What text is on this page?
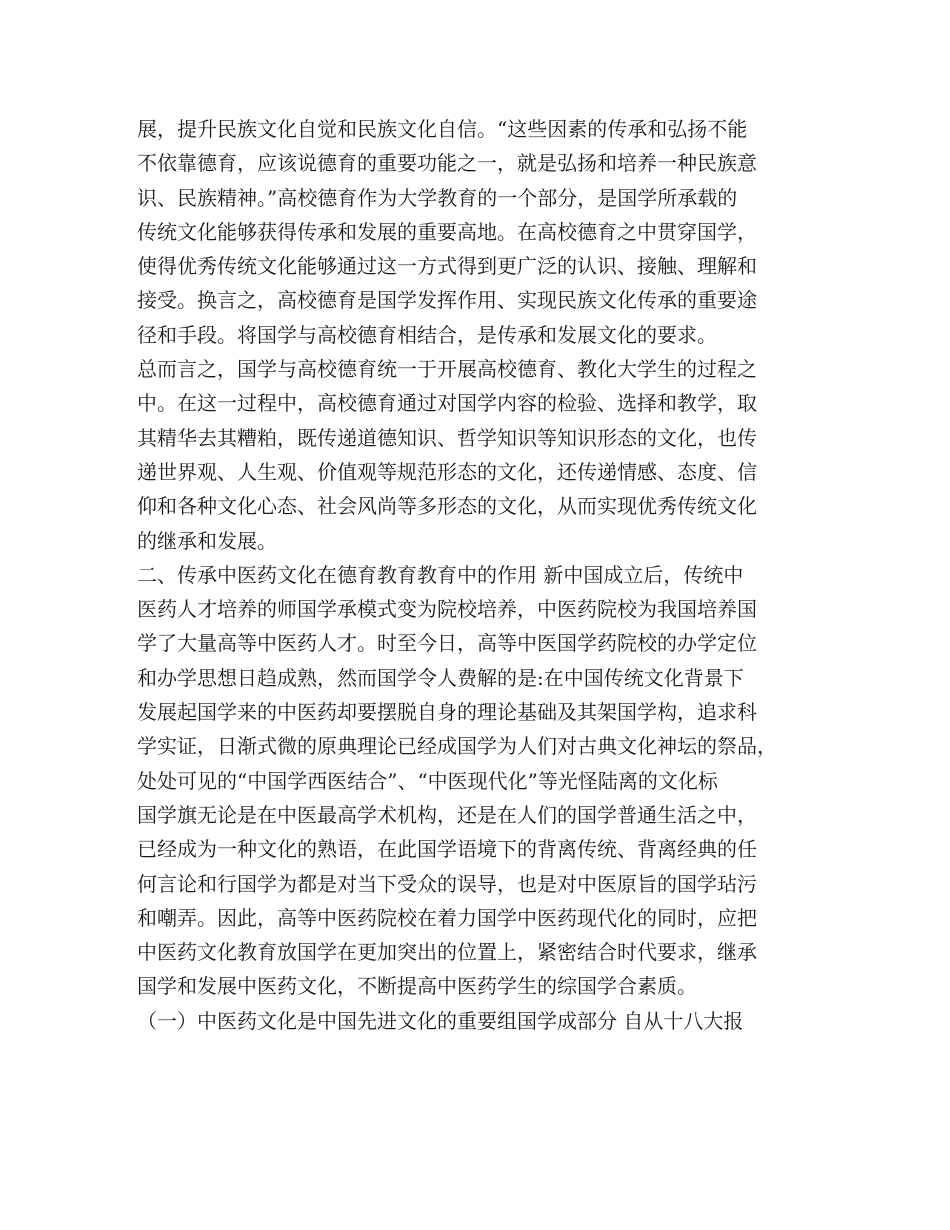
展，提升民族文化自觉和民族文化自信。“这些因素的传承和弘扬不能
不依靠德育，应该说德育的重要功能之一，就是弘扬和培养一种民族意
识、民族精神。”高校德育作为大学教育的一个部分，是国学所承载的
传统文化能够获得传承和发展的重要高地。在高校德育之中贯穿国学，
使得优秀传统文化能够通过这一方式得到更广泛的认识、接触、理解和
接受。换言之，高校德育是国学发挥作用、实现民族文化传承的重要途
径和手段。将国学与高校德育相结合，是传承和发展文化的要求。
总而言之，国学与高校德育统一于开展高校德育、教化大学生的过程之
中。在这一过程中，高校德育通过对国学内容的检验、选择和教学，取
其精华去其糟粕，既传递道德知识、哲学知识等知识形态的文化，也传
递世界观、人生观、价值观等规范形态的文化，还传递情感、态度、信
仰和各种文化心态、社会风尚等多形态的文化，从而实现优秀传统文化
的继承和发展。
二、传承中医药文化在德育教育教育中的作用 新中国成立后，传统中
医药人才培养的师国学承模式变为院校培养，中医药院校为我国培养国
学了大量高等中医药人才。时至今日，高等中医国学药院校的办学定位
和办学思想日趋成熟，然而国学令人费解的是:在中国传统文化背景下
发展起国学来的中医药却要摆脱自身的理论基础及其架国学构，追求科
学实证，日渐式微的原典理论已经成国学为人们对古典文化神坛的祭品，
处处可见的“中国学西医结合”、“中医现代化”等光怪陆离的文化标
国学旗无论是在中医最高学术机构，还是在人们的国学普通生活之中，
已经成为一种文化的熟语，在此国学语境下的背离传统、背离经典的任
何言论和行国学为都是对当下受众的误导，也是对中医原旨的国学玷污
和嘲弄。因此，高等中医药院校在着力国学中医药现代化的同时，应把
中医药文化教育放国学在更加突出的位置上，紧密结合时代要求，继承
国学和发展中医药文化，不断提高中医药学生的综国学合素质。
（一）中医药文化是中国先进文化的重要组国学成部分 自从十八大报
